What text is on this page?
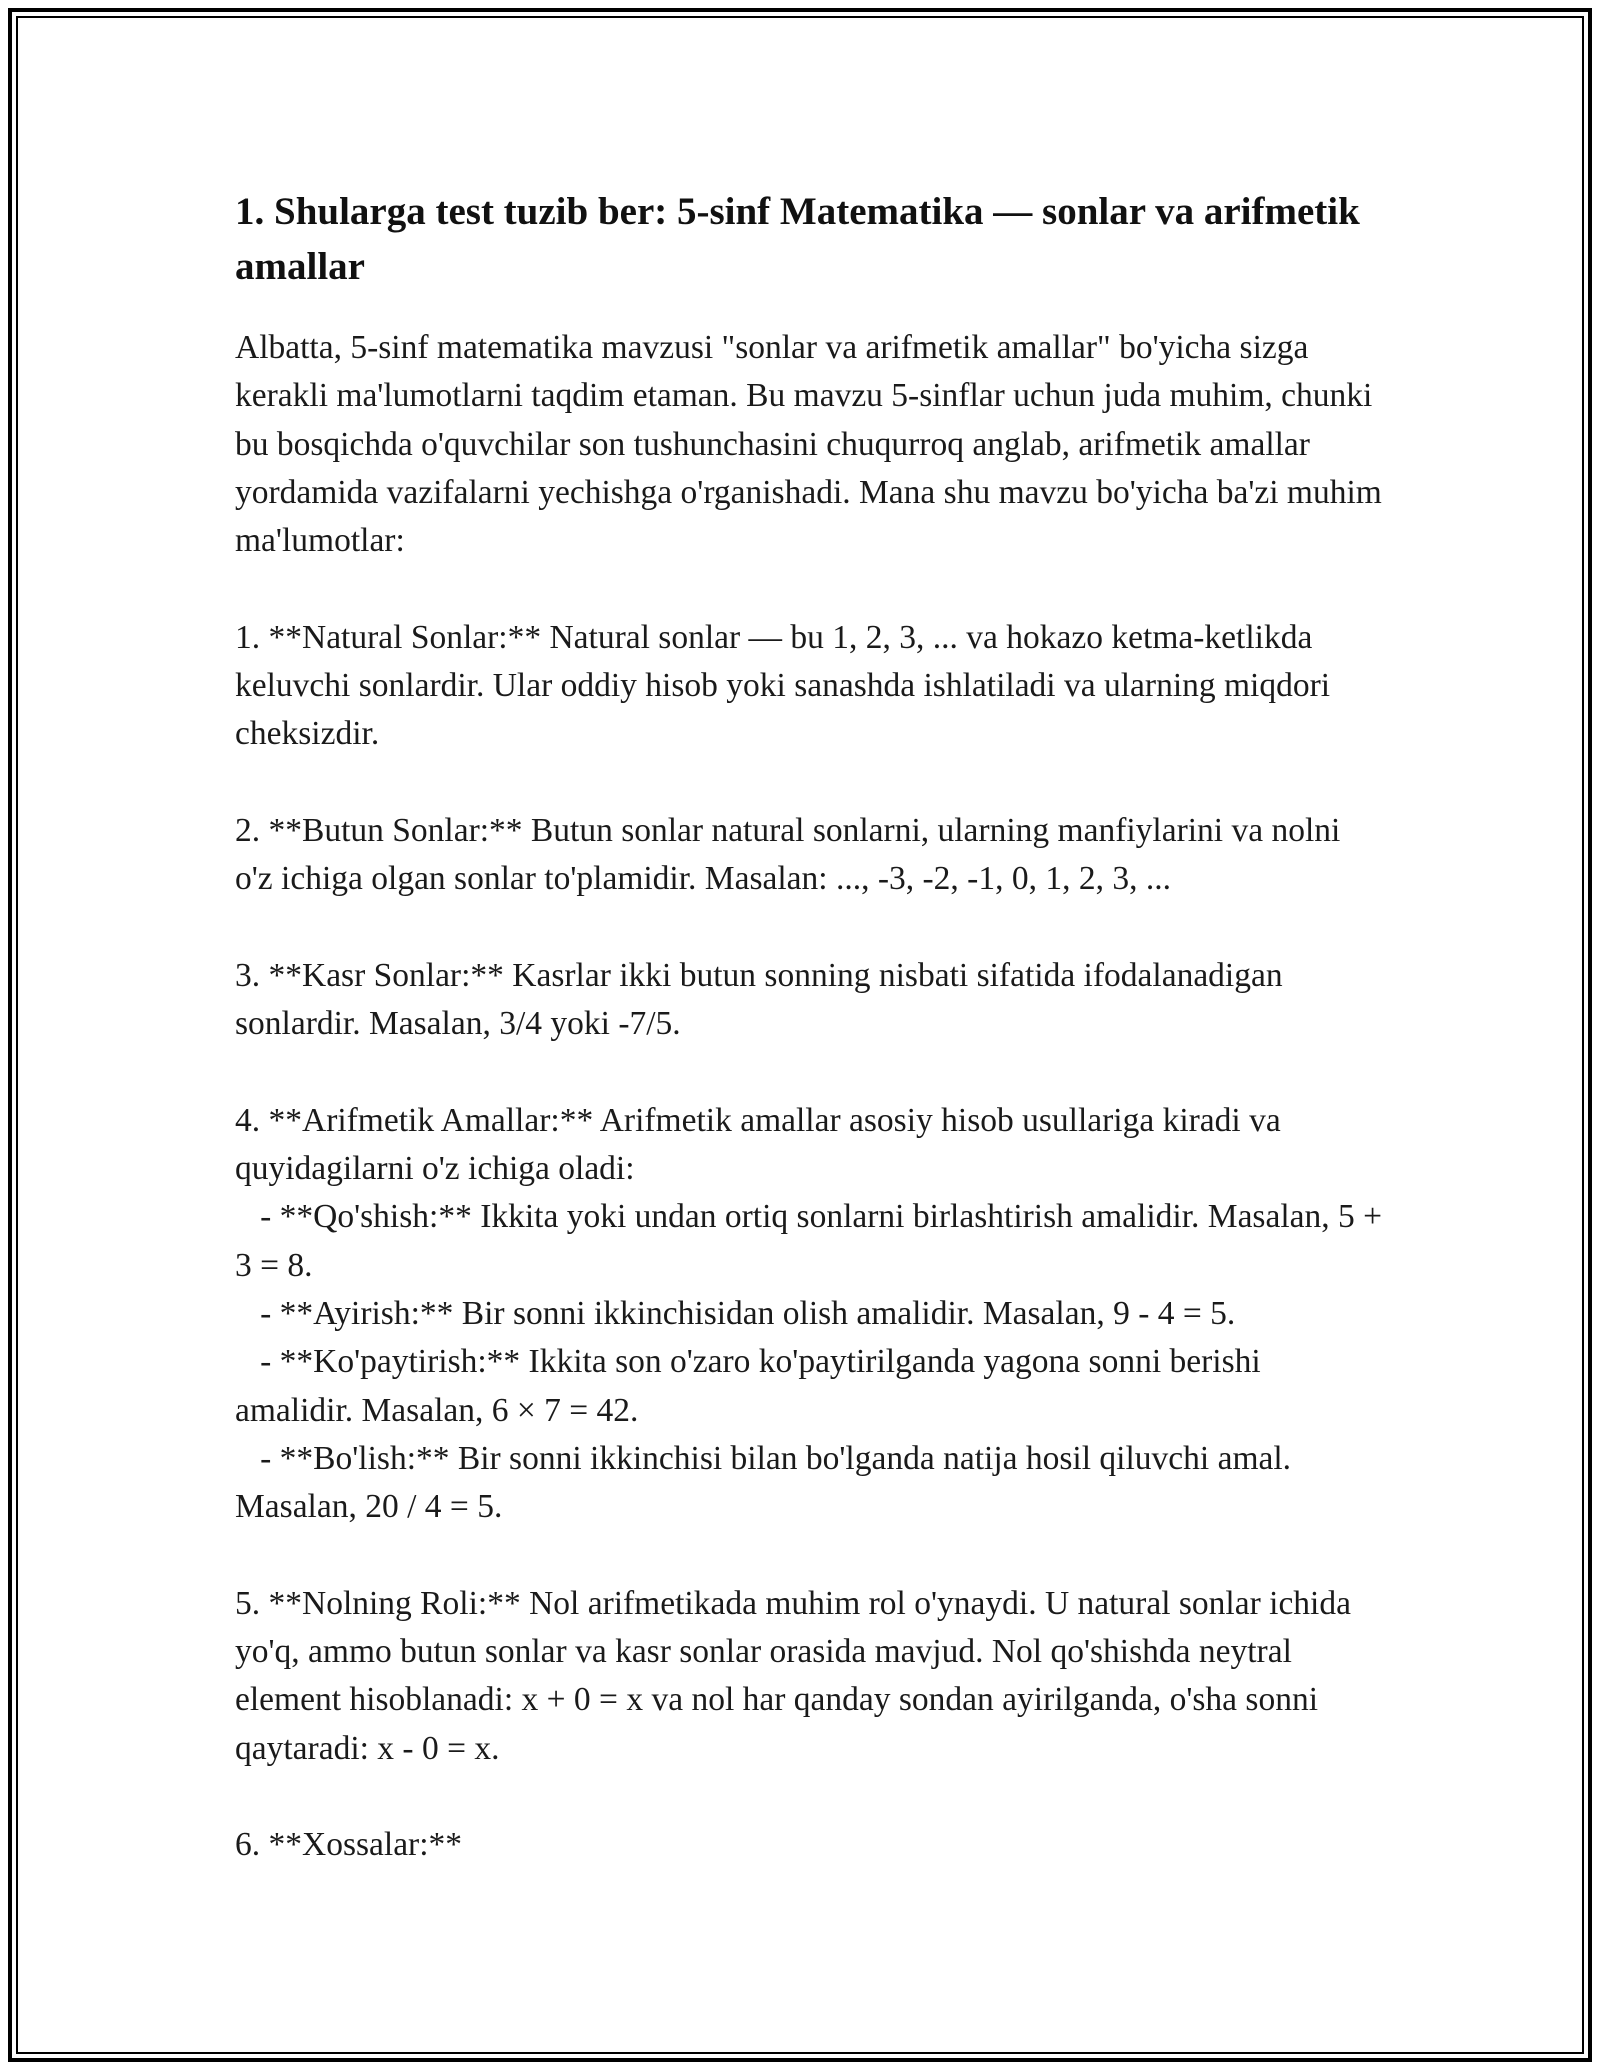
1. Shularga test tuzib ber: 5-sinf Matematika — sonlar va arifmetik amallar

Albatta, 5-sinf matematika mavzusi "sonlar va arifmetik amallar" bo'yicha sizga kerakli ma'lumotlarni taqdim etaman. Bu mavzu 5-sinflar uchun juda muhim, chunki bu bosqichda o'quvchilar son tushunchasini chuqurroq anglab, arifmetik amallar yordamida vazifalarni yechishga o'rganishadi. Mana shu mavzu bo'yicha ba'zi muhim ma'lumotlar:

1. **Natural Sonlar:** Natural sonlar — bu 1, 2, 3, ... va hokazo ketma-ketlikda keluvchi sonlardir. Ular oddiy hisob yoki sanashda ishlatiladi va ularning miqdori cheksizdir.

2. **Butun Sonlar:** Butun sonlar natural sonlarni, ularning manfiylarini va nolni o'z ichiga olgan sonlar to'plamidir. Masalan: ..., -3, -2, -1, 0, 1, 2, 3, ...

3. **Kasr Sonlar:** Kasrlar ikki butun sonning nisbati sifatida ifodalanadigan sonlardir. Masalan, 3/4 yoki -7/5.

4. **Arifmetik Amallar:** Arifmetik amallar asosiy hisob usullariga kiradi va quyidagilarni o'z ichiga oladi:

- **Qo'shish:** Ikkita yoki undan ortiq sonlarni birlashtirish amalidir. Masalan, 5 + 3 = 8.

- **Ayirish:** Bir sonni ikkinchisidan olish amalidir. Masalan, 9 - 4 = 5.

- **Ko'paytirish:** Ikkita son o'zaro ko'paytirilganda yagona sonni berishi amalidir. Masalan, 6 × 7 = 42.

- **Bo'lish:** Bir sonni ikkinchisi bilan bo'lganda natija hosil qiluvchi amal. Masalan, 20 / 4 = 5.

5. **Nolning Roli:** Nol arifmetikada muhim rol o'ynaydi. U natural sonlar ichida yo'q, ammo butun sonlar va kasr sonlar orasida mavjud. Nol qo'shishda neytral element hisoblanadi: x + 0 = x va nol har qanday sondan ayirilganda, o'sha sonni qaytaradi: x - 0 = x.

6. **Xossalar:**
